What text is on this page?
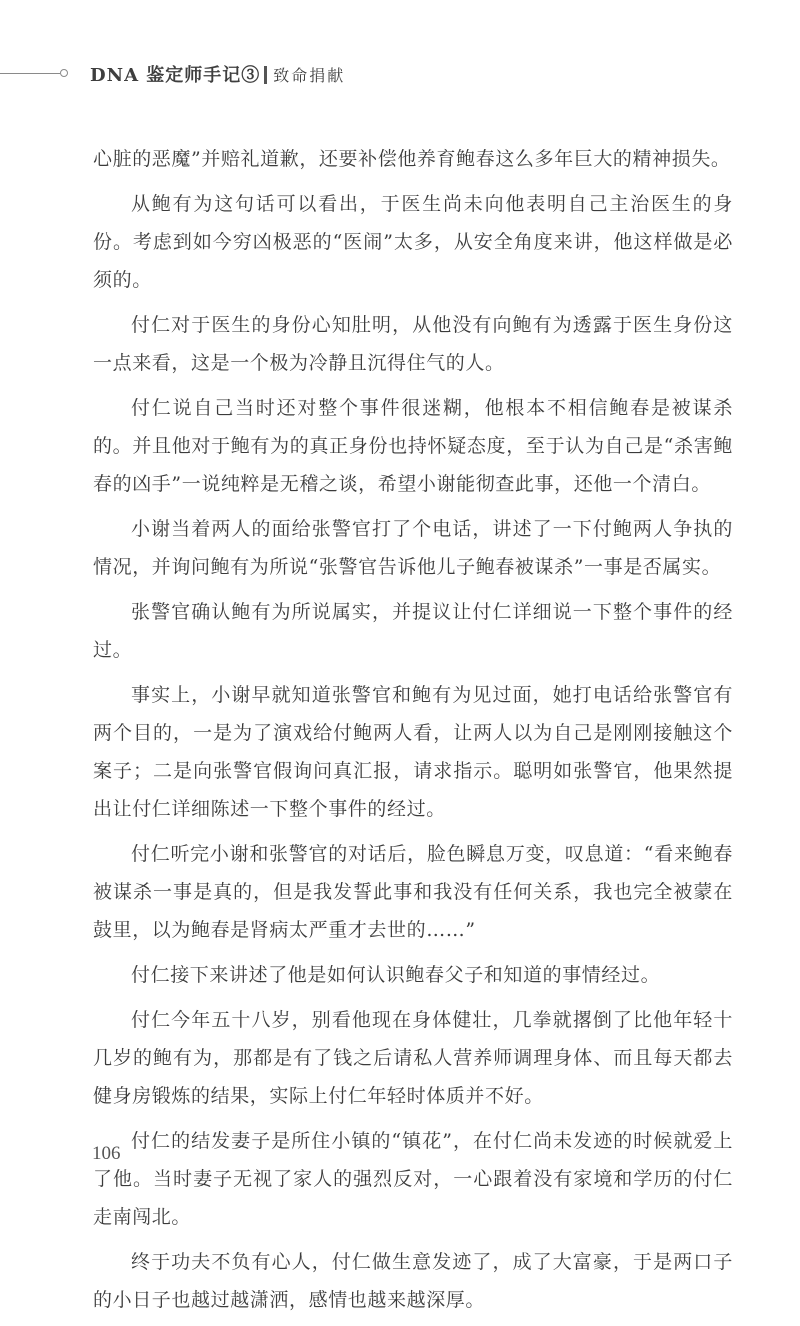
DNA 鉴定师手记③ 致命捐献

心脏的恶魔”并赔礼道歉，还要补偿他养育鲍春这么多年巨大的精神损失。

从鲍有为这句话可以看出，于医生尚未向他表明自己主治医生的身份。考虑到如今穷凶极恶的“医闹”太多，从安全角度来讲，他这样做是必须的。

付仁对于医生的身份心知肚明，从他没有向鲍有为透露于医生身份这一点来看，这是一个极为冷静且沉得住气的人。

付仁说自己当时还对整个事件很迷糊，他根本不相信鲍春是被谋杀的。并且他对于鲍有为的真正身份也持怀疑态度，至于认为自己是“杀害鲍春的凶手”一说纯粹是无稽之谈，希望小谢能彻查此事，还他一个清白。

小谢当着两人的面给张警官打了个电话，讲述了一下付鲍两人争执的情况，并询问鲍有为所说“张警官告诉他儿子鲍春被谋杀”一事是否属实。

张警官确认鲍有为所说属实，并提议让付仁详细说一下整个事件的经过。

事实上，小谢早就知道张警官和鲍有为见过面，她打电话给张警官有两个目的，一是为了演戏给付鲍两人看，让两人以为自己是刚刚接触这个案子；二是向张警官假询问真汇报，请求指示。聪明如张警官，他果然提出让付仁详细陈述一下整个事件的经过。

付仁听完小谢和张警官的对话后，脸色瞬息万变，叹息道：“看来鲍春被谋杀一事是真的，但是我发誓此事和我没有任何关系，我也完全被蒙在鼓里，以为鲍春是肾病太严重才去世的……”

付仁接下来讲述了他是如何认识鲍春父子和知道的事情经过。

付仁今年五十八岁，别看他现在身体健壮，几拳就撂倒了比他年轻十几岁的鲍有为，那都是有了钱之后请私人营养师调理身体、而且每天都去健身房锻炼的结果，实际上付仁年轻时体质并不好。

付仁的结发妻子是所住小镇的“镇花”，在付仁尚未发迹的时候就爱上了他。当时妻子无视了家人的强烈反对，一心跟着没有家境和学历的付仁走南闯北。

终于功夫不负有心人，付仁做生意发迹了，成了大富豪，于是两口子的小日子也越过越潇洒，感情也越来越深厚。

106
